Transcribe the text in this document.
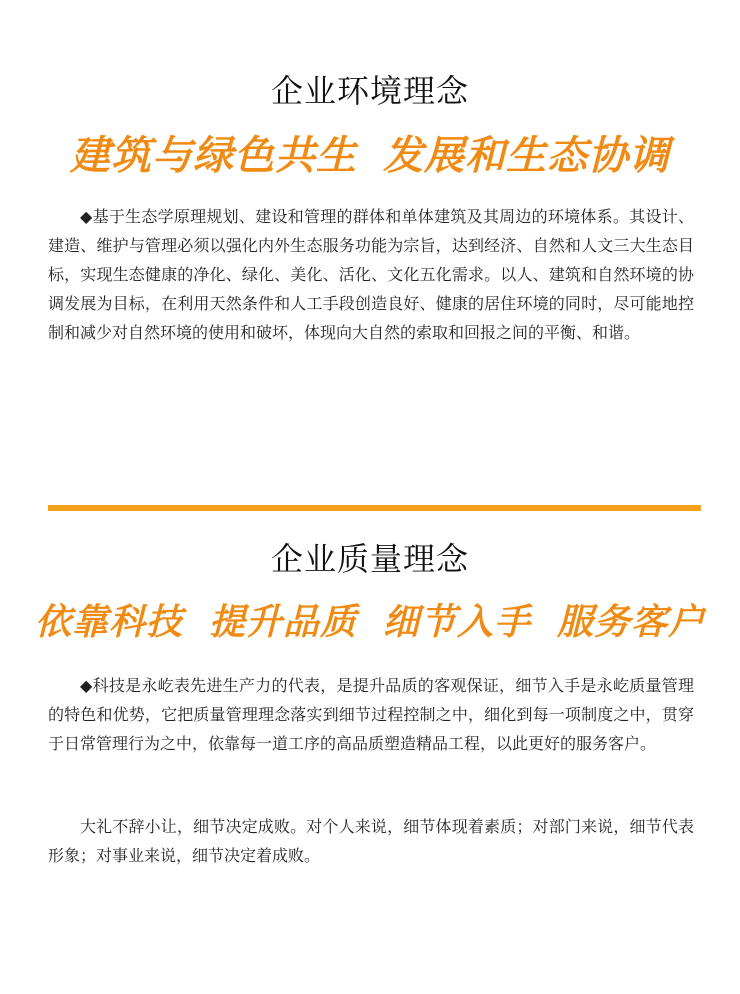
企业环境理念
建筑与绿色共生 发展和生态协调

◆基于生态学原理规划、建设和管理的群体和单体建筑及其周边的环境体系。其设计、建造、维护与管理必须以强化内外生态服务功能为宗旨，达到经济、自然和人文三大生态目标，实现生态健康的净化、绿化、美化、活化、文化五化需求。以人、建筑和自然环境的协调发展为目标，在利用天然条件和人工手段创造良好、健康的居住环境的同时，尽可能地控制和减少对自然环境的使用和破坏，体现向大自然的索取和回报之间的平衡、和谐。

企业质量理念
依靠科技 提升品质 细节入手 服务客户

◆科技是永屹表先进生产力的代表，是提升品质的客观保证，细节入手是永屹质量管理的特色和优势，它把质量管理理念落实到细节过程控制之中，细化到每一项制度之中，贯穿于日常管理行为之中，依靠每一道工序的高品质塑造精品工程，以此更好的服务客户。

大礼不辞小让，细节决定成败。对个人来说，细节体现着素质；对部门来说，细节代表形象；对事业来说，细节决定着成败。
